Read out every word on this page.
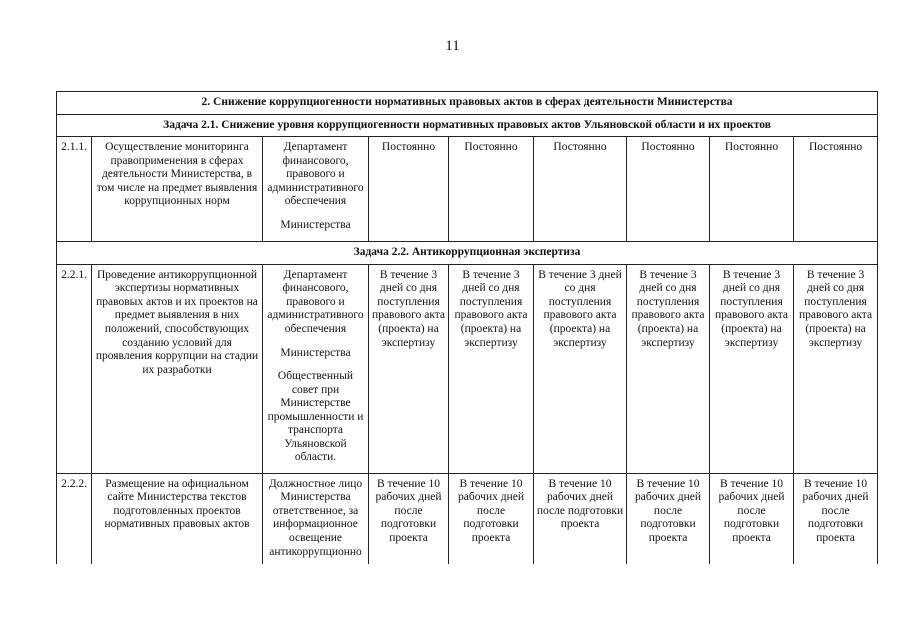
11
2. Снижение коррупциогенности нормативных правовых актов в сферах деятельности Министерства								
Задача 2.1. Снижение уровня коррупциогенности нормативных правовых актов Ульяновской области и их проектов								
2.1.1.	Осуществление мониторинга правоприменения в сферах деятельности Министерства, в том числе на предмет выявления коррупционных норм	Департамент финансового, правового и административного обеспечения
Министерства	Постоянно	Постоянно	Постоянно	Постоянно	Постоянно	Постоянно
Задача 2.2. Антикоррупционная экспертиза								
2.2.1.	Проведение антикоррупционной экспертизы нормативных правовых актов и их проектов на предмет выявления в них положений, способствующих созданию условий для проявления коррупции на стадии их разработки	Департамент финансового, правового и административного обеспечения
Министерства
Общественный совет при Министерстве промышленности и транспорта Ульяновской области.	В течение 3 дней со дня поступления правового акта (проекта) на экспертизу	В течение 3 дней со дня поступления правового акта (проекта) на экспертизу	В течение 3 дней со дня поступления правового акта (проекта) на экспертизу	В течение 3 дней со дня поступления правового акта (проекта) на экспертизу	В течение 3 дней со дня поступления правового акта (проекта) на экспертизу	В течение 3 дней со дня поступления правового акта (проекта) на экспертизу
2.2.2.	Размещение на официальном сайте Министерства текстов подготовленных проектов нормативных правовых актов	Должностное лицо Министерства ответственное, за информационное освещение антикоррупционно	В течение 10 рабочих дней после подготовки проекта	В течение 10 рабочих дней после подготовки проекта	В течение 10 рабочих дней после подготовки проекта	В течение 10 рабочих дней после подготовки проекта	В течение 10 рабочих дней после подготовки проекта	В течение 10 рабочих дней после подготовки проекта
